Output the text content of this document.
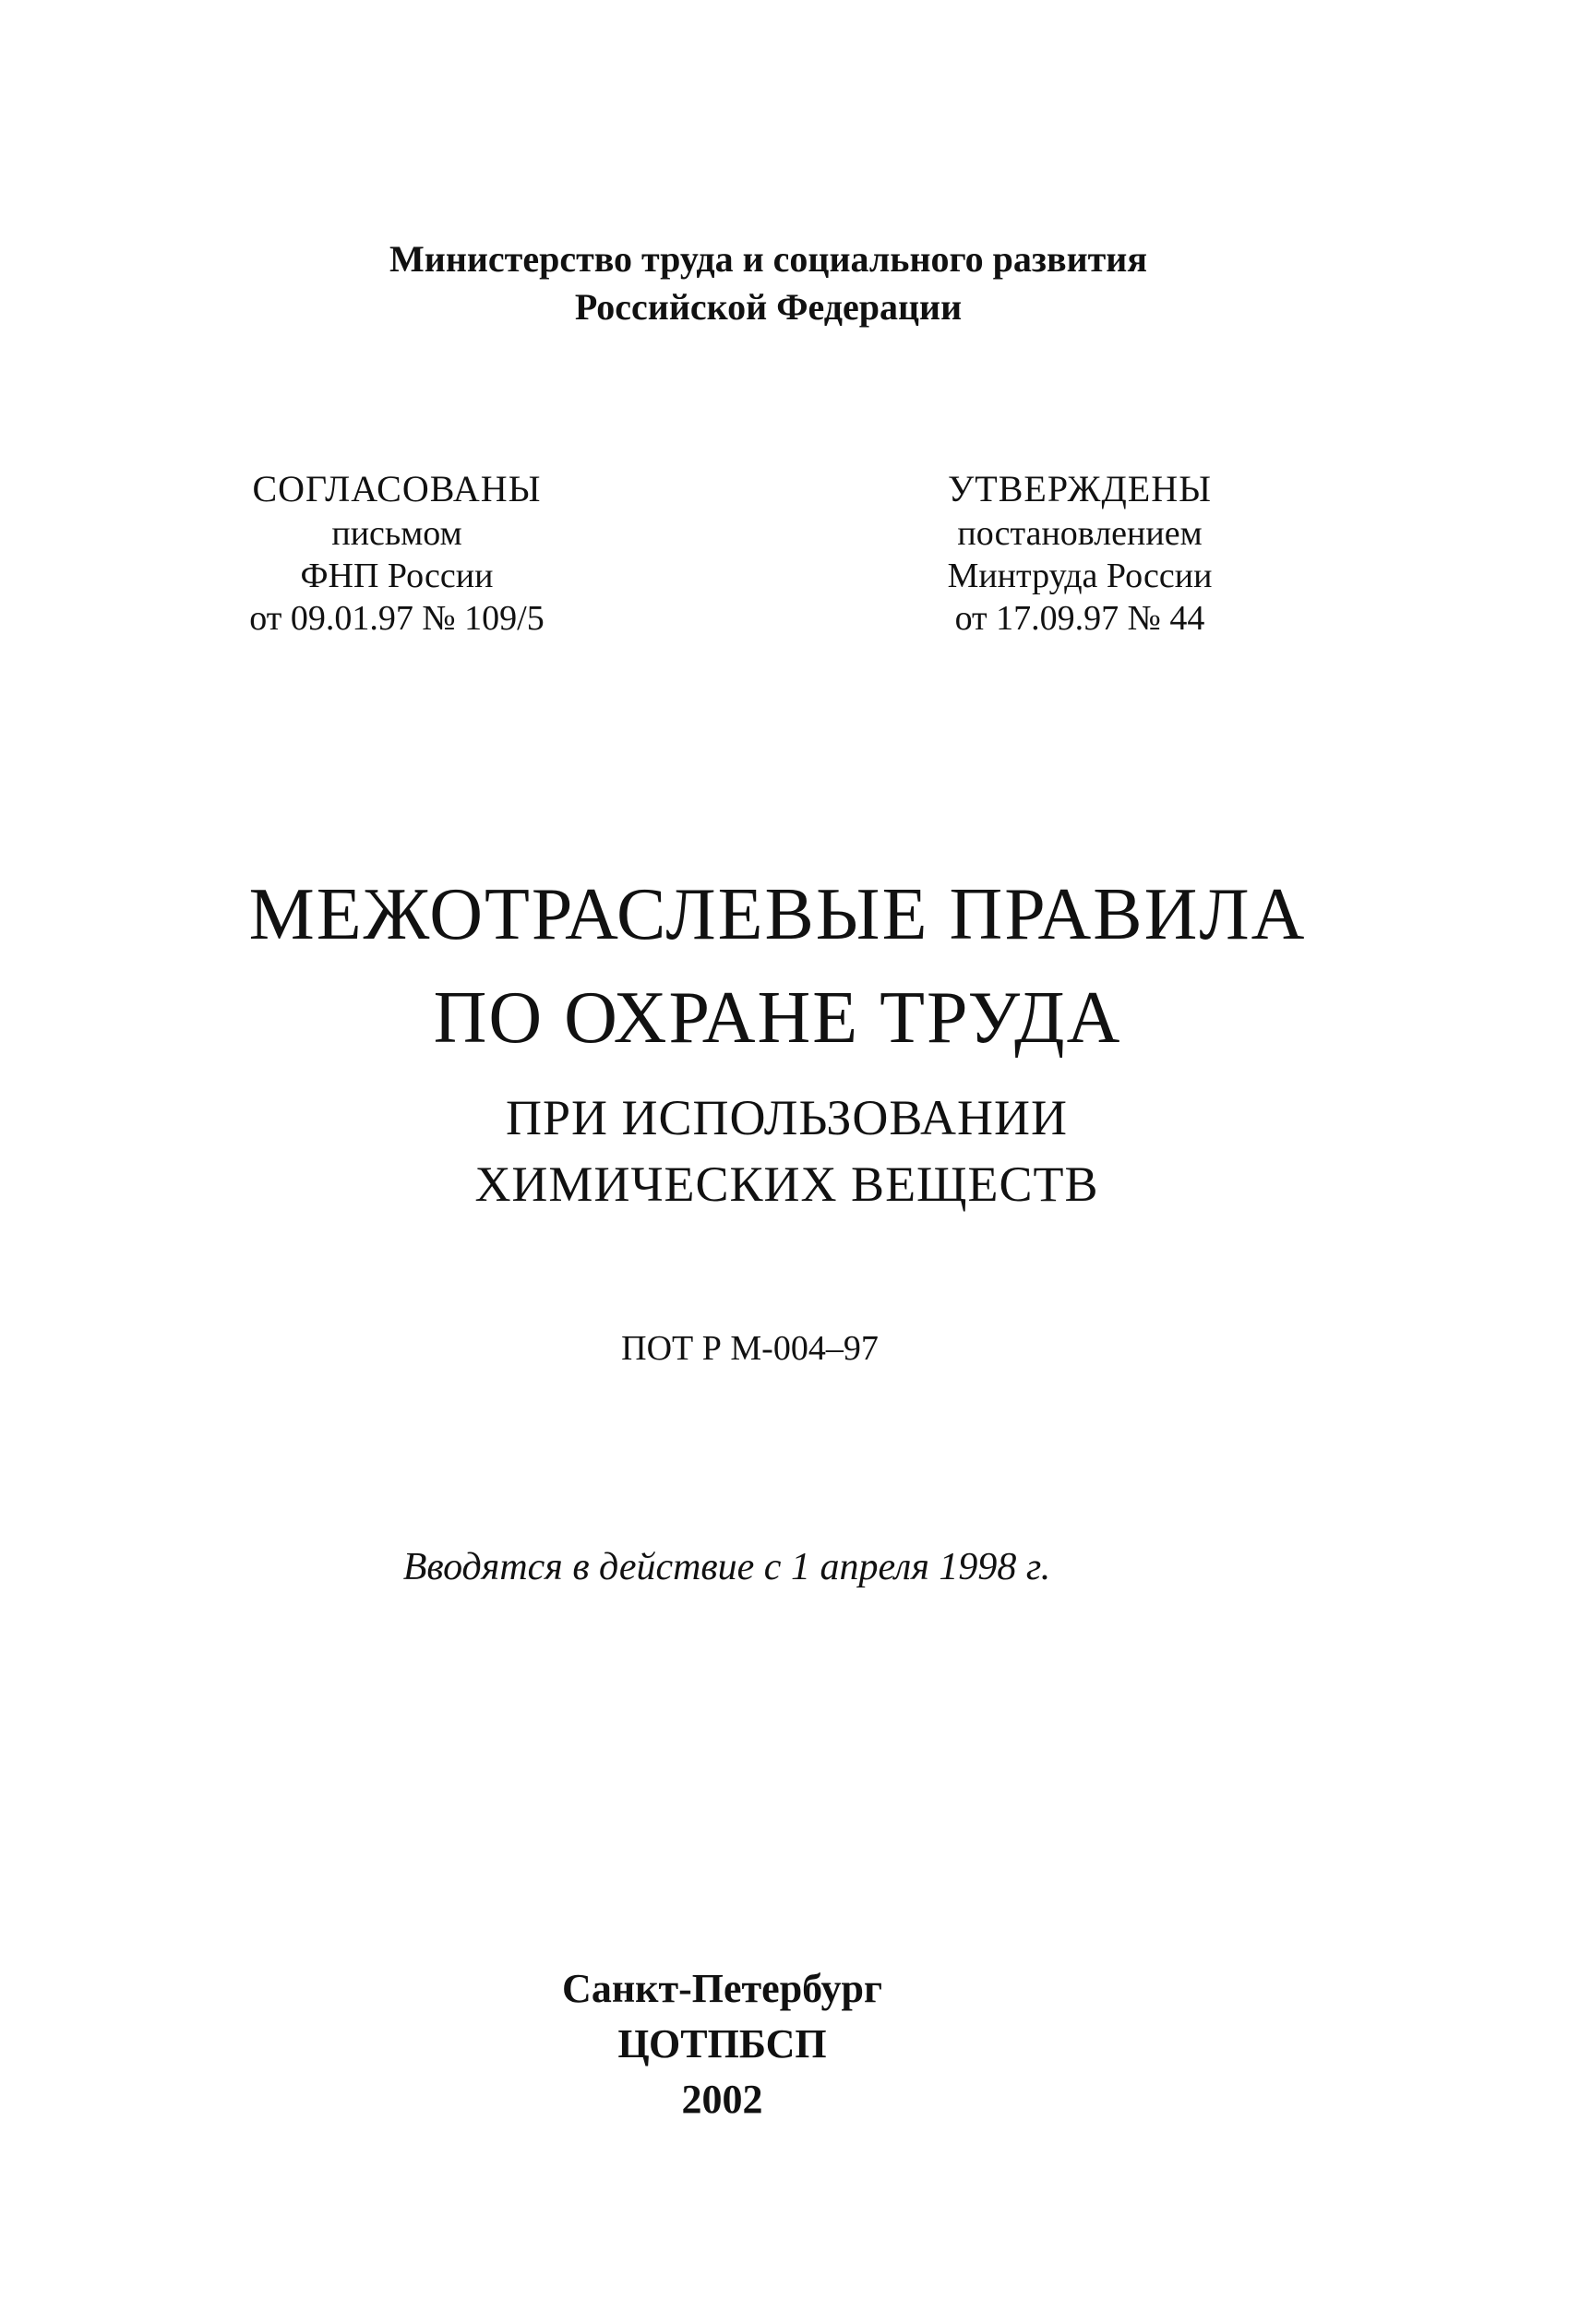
Министерство труда и социального развития
Российской Федерации
СОГЛАСОВАНЫ
письмом
ФНП России
от 09.01.97 № 109/5
УТВЕРЖДЕНЫ
постановлением
Минтруда России
от 17.09.97 № 44
МЕЖОТРАСЛЕВЫЕ ПРАВИЛА
ПО ОХРАНЕ ТРУДА
ПРИ ИСПОЛЬЗОВАНИИ
ХИМИЧЕСКИХ ВЕЩЕСТВ
ПОТ Р М-004–97
Вводятся в действие с 1 апреля 1998 г.
Санкт-Петербург
ЦОТПБСП
2002
